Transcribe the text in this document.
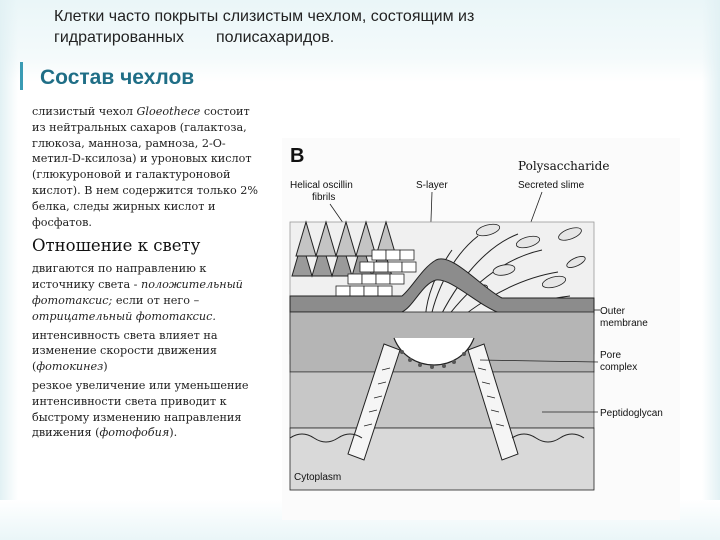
Клетки часто покрыты слизистым чехлом, состоящим из
гидратированных полисахаридов.

Состав чехлов

слизистый чехол Gloeothece состоит из нейтральных сахаров (галактоза, глюкоза, манноза, рамноза, 2-О-метил-D-ксилоза) и уроновых кислот (глюкуроновой и галактуроновой кислот). В нем содержится только 2% белка, следы жирных кислот и фосфатов.

Отношение к свету

двигаются по направлению к источнику света - положительный фототаксис; если от него –отрицательный фототаксис.

интенсивность света влияет на изменение скорости движения (фотокинез)

резкое увеличение или уменьшение интенсивности света приводит к быстрому изменению направления движения (фотофобия).

B	Polysaccharide
Helical oscillin
fibrils
S-layer	Secreted slime
Outer
membrane
Pore
complex
Peptidoglycan
Cytoplasm
